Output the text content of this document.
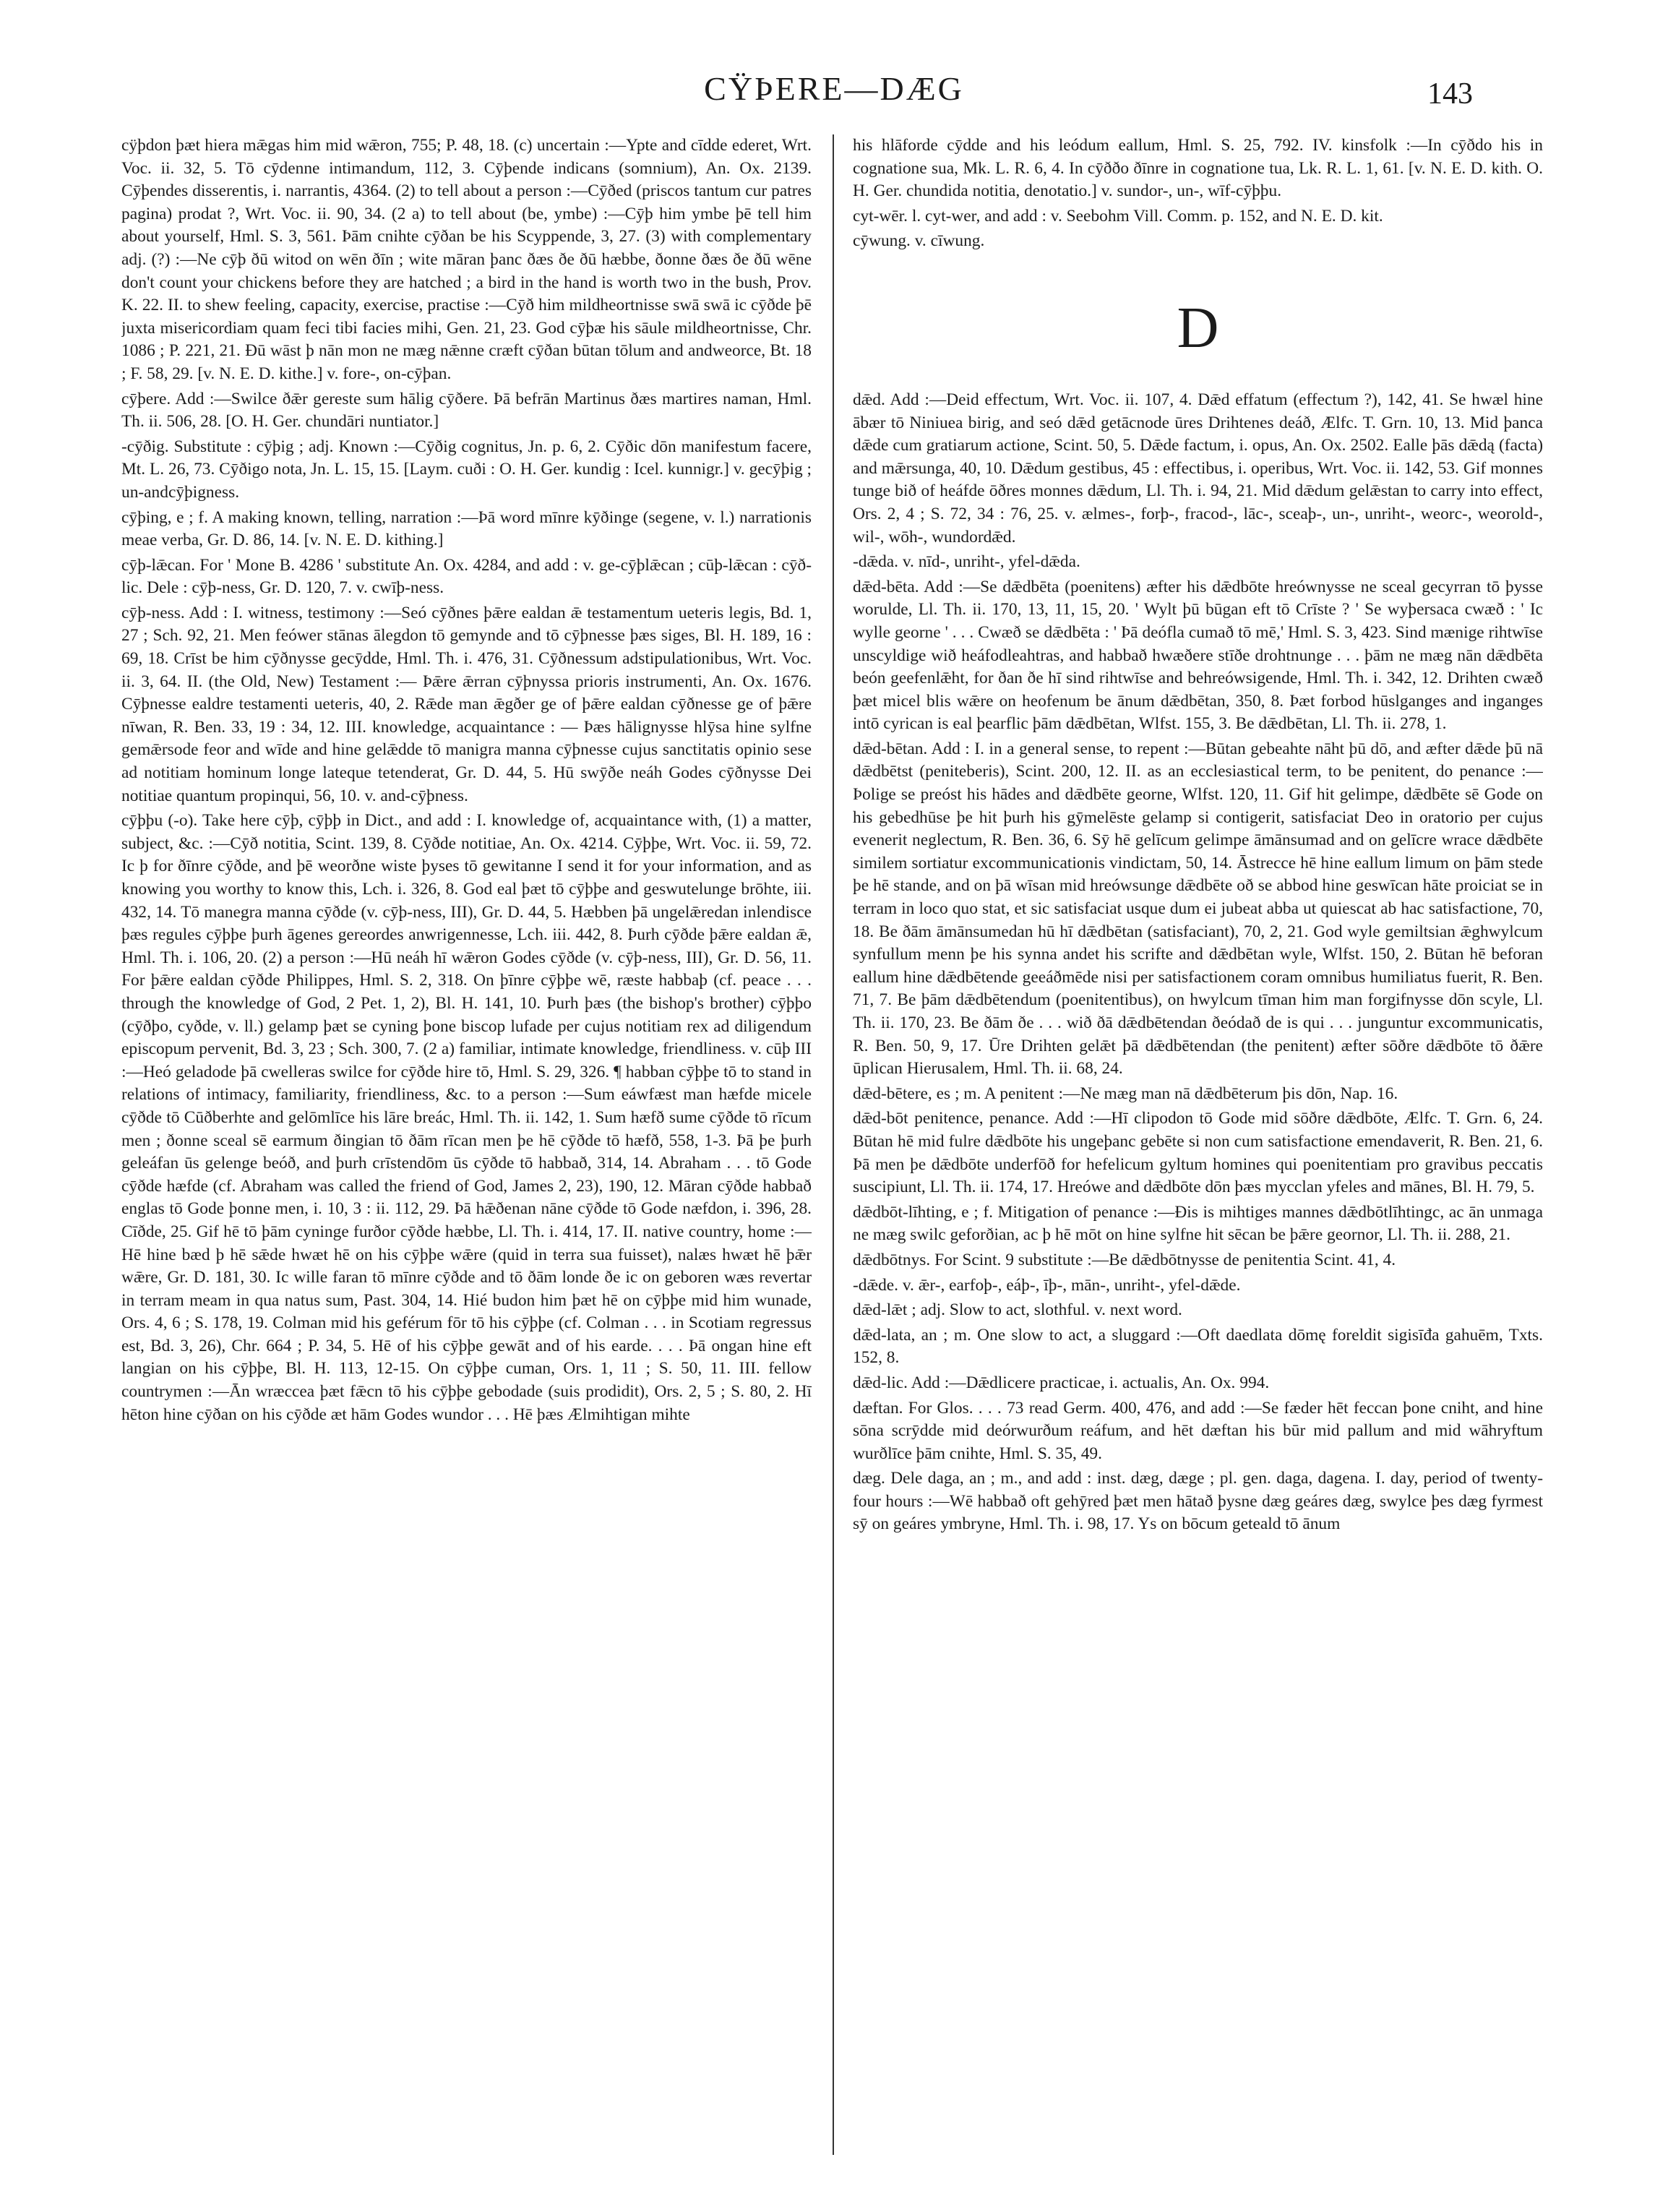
CŸÞERE—DÆG	143
cÿþdon þæt hiera mǣgas him mid wǣron, 755; P. 48, 18. (c) uncertain :—Ypte and cīdde ederet, Wrt. Voc. ii. 32, 5. Tō cȳdenne intimandum, 112, 3. Cȳþende indicans (somnium), An. Ox. 2139. Cȳþendes disserentis, i. narrantis, 4364. (2) to tell about a person :—Cȳðed (priscos tantum cur patres pagina) prodat ?, Wrt. Voc. ii. 90, 34. (2 a) to tell about (be, ymbe) :—Cȳþ him ymbe þē tell him about yourself, Hml. S. 3, 561. Þām cnihte cȳðan be his Scyppende, 3, 27. (3) with complementary adj. (?) :—Ne cȳþ ðū witod on wēn ðīn ; wite māran þanc ðæs ðe ðū hæbbe, ðonne ðæs ðe ðū wēne don't count your chickens before they are hatched ; a bird in the hand is worth two in the bush, Prov. K. 22. II. to shew feeling, capacity, exercise, practise :—Cȳð him mildheortnisse swā swā ic cȳðde þē juxta misericordiam quam feci tibi facies mihi, Gen. 21, 23. God cȳþæ his sāule mildheortnisse, Chr. 1086 ; P. 221, 21. Ðū wāst þ nān mon ne mæg nǣnne cræft cȳðan būtan tōlum and andweorce, Bt. 18 ; F. 58, 29. [v. N. E. D. kithe.] v. fore-, on-cȳþan.
cȳþere. Add :—Swilce ðǣr gereste sum hālig cȳðere. Þā befrān Martinus ðæs martires naman, Hml. Th. ii. 506, 28. [O. H. Ger. chundāri nuntiator.]
-cȳðig. Substitute : cȳþig ; adj. Known :—Cȳðig cognitus, Jn. p. 6, 2. Cȳðic dōn manifestum facere, Mt. L. 26, 73. Cȳðigo nota, Jn. L. 15, 15. [Laym. cuði : O. H. Ger. kundig : Icel. kunnigr.] v. gecȳþig ; un-andcȳþigness.
cȳþing, e ; f. A making known, telling, narration :—Þā word mīnre kȳðinge (segene, v. l.) narrationis meae verba, Gr. D. 86, 14. [v. N. E. D. kithing.]
cȳþ-lǣcan. For ' Mone B. 4286 ' substitute An. Ox. 4284, and add : v. ge-cȳþlǣcan ; cūþ-lǣcan : cȳð-lic. Dele : cȳþ-ness, Gr. D. 120, 7. v. cwīþ-ness.
cȳþ-ness. Add : I. witness, testimony :—Seó cȳðnes þǣre ealdan ǣ testamentum ueteris legis, Bd. 1, 27 ; Sch. 92, 21. Men feówer stānas ālegdon tō gemynde and tō cȳþnesse þæs siges, Bl. H. 189, 16 : 69, 18. Crīst be him cȳðnysse gecȳdde, Hml. Th. i. 476, 31. Cȳðnessum adstipulationibus, Wrt. Voc. ii. 3, 64. II. (the Old, New) Testament :— Þǣre ǣrran cȳþnyssa prioris instrumenti, An. Ox. 1676. Cȳþnesse ealdre testamenti ueteris, 40, 2. Rǣde man ǣgðer ge of þǣre ealdan cȳðnesse ge of þǣre nīwan, R. Ben. 33, 19 : 34, 12. III. knowledge, acquaintance : — Þæs hālignysse hlȳsa hine sylfne gemǣrsode feor and wīde and hine gelǣdde tō manigra manna cȳþnesse cujus sanctitatis opinio sese ad notitiam hominum longe lateque tetenderat, Gr. D. 44, 5. Hū swȳðe neáh Godes cȳðnysse Dei notitiae quantum propinqui, 56, 10. v. and-cȳþness.
cȳþþu (-o). Take here cȳþ, cȳþþ in Dict., and add : I. knowledge of, acquaintance with, (1) a matter, subject, &c. :—Cȳð notitia, Scint. 139, 8. Cȳðde notitiae, An. Ox. 4214. Cȳþþe, Wrt. Voc. ii. 59, 72. Ic þ for ðīnre cȳðde, and þē weorðne wiste þyses tō gewitanne I send it for your information, and as knowing you worthy to know this, Lch. i. 326, 8. God eal þæt tō cȳþþe and geswutelunge brōhte, iii. 432, 14. Tō manegra manna cȳðde (v. cȳþ-ness, III), Gr. D. 44, 5. Hæbben þā ungelǣredan inlendisce þæs regules cȳþþe þurh āgenes gereordes anwrigennesse, Lch. iii. 442, 8. Þurh cȳðde þǣre ealdan ǣ, Hml. Th. i. 106, 20. (2) a person :—Hū neáh hī wǣron Godes cȳðde (v. cȳþ-ness, III), Gr. D. 56, 11. For þǣre ealdan cȳðde Philippes, Hml. S. 2, 318. On þīnre cȳþþe wē, ræste habbaþ (cf. peace . . . through the knowledge of God, 2 Pet. 1, 2), Bl. H. 141, 10. Þurh þæs (the bishop's brother) cȳþþo (cȳðþo, cyðde, v. ll.) gelamp þæt se cyning þone biscop lufade per cujus notitiam rex ad diligendum episcopum pervenit, Bd. 3, 23 ; Sch. 300, 7. (2 a) familiar, intimate knowledge, friendliness. v. cūþ III :—Heó geladode þā cwelleras swilce for cȳðde hire tō, Hml. S. 29, 326. ¶ habban cȳþþe tō to stand in relations of intimacy, familiarity, friendliness, &c. to a person :—Sum eáwfæst man hæfde micele cȳðde tō Cūðberhte and gelōmlīce his lāre breác, Hml. Th. ii. 142, 1. Sum hæfð sume cȳðde tō rīcum men ; ðonne sceal sē earmum ðingian tō ðām rīcan men þe hē cȳðde tō hæfð, 558, 1-3. Þā þe þurh geleáfan ūs gelenge beóð, and þurh crīstendōm ūs cȳðde tō habbað, 314, 14. Abraham . . . tō Gode cȳðde hæfde (cf. Abraham was called the friend of God, James 2, 23), 190, 12. Māran cȳðde habbað englas tō Gode þonne men, i. 10, 3 : ii. 112, 29. Þā hǣðenan nāne cȳðde tō Gode næfdon, i. 396, 28. Cīðde, 25. Gif hē tō þām cyninge furðor cȳðde hæbbe, Ll. Th. i. 414, 17. II. native country, home :—Hē hine bæd þ hē sǣde hwæt hē on his cȳþþe wǣre (quid in terra sua fuisset), nalæs hwæt hē þǣr wǣre, Gr. D. 181, 30. Ic wille faran tō mīnre cȳðde and tō ðām londe ðe ic on geboren wæs revertar in terram meam in qua natus sum, Past. 304, 14. Hié budon him þæt hē on cȳþþe mid him wunade, Ors. 4, 6 ; S. 178, 19. Colman mid his geférum fōr tō his cȳþþe (cf. Colman . . . in Scotiam regressus est, Bd. 3, 26), Chr. 664 ; P. 34, 5. Hē of his cȳþþe gewāt and of his earde. . . . Þā ongan hine eft langian on his cȳþþe, Bl. H. 113, 12-15. On cȳþþe cuman, Ors. 1, 11 ; S. 50, 11. III. fellow countrymen :—Ān wræccea þæt fǣcn tō his cȳþþe gebodade (suis prodidit), Ors. 2, 5 ; S. 80, 2. Hī hēton hine cȳðan on his cȳðde æt hām Godes wundor . . . Hē þæs Ælmihtigan mihte
his hlāforde cȳdde and his leódum eallum, Hml. S. 25, 792. IV. kinsfolk :—In cȳðdo his in cognatione sua, Mk. L. R. 6, 4. In cȳððo ðīnre in cognatione tua, Lk. R. L. 1, 61. [v. N. E. D. kith. O. H. Ger. chundida notitia, denotatio.] v. sundor-, un-, wīf-cȳþþu.
cyt-wēr. l. cyt-wer, and add : v. Seebohm Vill. Comm. p. 152, and N. E. D. kit.
cȳwung. v. cīwung.
D
dǣd. Add :—Deid effectum, Wrt. Voc. ii. 107, 4. Dǣd effatum (effectum ?), 142, 41. Se hwæl hine ābær tō Niniuea birig, and seó dǣd getācnode ūres Drihtenes deáð, Ælfc. T. Grn. 10, 13. Mid þanca dǣde cum gratiarum actione, Scint. 50, 5. Dǣde factum, i. opus, An. Ox. 2502. Ealle þās dǣdą (facta) and mǣrsunga, 40, 10. Dǣdum gestibus, 45 : effectibus, i. operibus, Wrt. Voc. ii. 142, 53. Gif monnes tunge bið of heáfde ōðres monnes dǣdum, Ll. Th. i. 94, 21. Mid dǣdum gelǣstan to carry into effect, Ors. 2, 4 ; S. 72, 34 : 76, 25. v. ælmes-, forþ-, fracod-, lāc-, sceaþ-, un-, unriht-, weorc-, weorold-, wil-, wōh-, wundordǣd.
-dǣda. v. nīd-, unriht-, yfel-dǣda.
dǣd-bēta. Add :—Se dǣdbēta (poenitens) æfter his dǣdbōte hreównysse ne sceal gecyrran tō þysse worulde, Ll. Th. ii. 170, 13, 11, 15, 20. ' Wylt þū būgan eft tō Crīste ? ' Se wyþersaca cwæð : ' Ic wylle georne ' . . . Cwæð se dǣdbēta : ' Þā deófla cumað tō mē,' Hml. S. 3, 423. Sind mænige rihtwīse unscyldige wið heáfodleahtras, and habbað hwæðere stīðe drohtnunge . . . þām ne mæg nān dǣdbēta beón geefenlǣht, for ðan ðe hī sind rihtwīse and behreówsigende, Hml. Th. i. 342, 12. Drihten cwæð þæt micel blis wǣre on heofenum be ānum dǣdbētan, 350, 8. Þæt forbod hūslganges and inganges intō cyrican is eal þearflic þām dǣdbētan, Wlfst. 155, 3. Be dǣdbētan, Ll. Th. ii. 278, 1.
dǣd-bētan. Add : I. in a general sense, to repent :—Būtan gebeahte nāht þū dō, and æfter dǣde þū nā dǣdbētst (peniteberis), Scint. 200, 12. II. as an ecclesiastical term, to be penitent, do penance :—Þolige se preóst his hādes and dǣdbēte georne, Wlfst. 120, 11. Gif hit gelimpe, dǣdbēte sē Gode on his gebedhūse þe hit þurh his gȳmelēste gelamp si contigerit, satisfaciat Deo in oratorio per cujus evenerit neglectum, R. Ben. 36, 6. Sȳ hē gelīcum gelimpe āmānsumad and on gelīcre wrace dǣdbēte similem sortiatur excommunicationis vindictam, 50, 14. Āstrecce hē hine eallum limum on þām stede þe hē stande, and on þā wīsan mid hreówsunge dǣdbēte oð se abbod hine geswīcan hāte proiciat se in terram in loco quo stat, et sic satisfaciat usque dum ei jubeat abba ut quiescat ab hac satisfactione, 70, 18. Be ðām āmānsumedan hū hī dǣdbētan (satisfaciant), 70, 2, 21. God wyle gemiltsian ǣghwylcum synfullum menn þe his synna andet his scrifte and dǣdbētan wyle, Wlfst. 150, 2. Būtan hē beforan eallum hine dǣdbētende geeáðmēde nisi per satisfactionem coram omnibus humiliatus fuerit, R. Ben. 71, 7. Be þām dǣdbētendum (poenitentibus), on hwylcum tīman him man forgifnysse dōn scyle, Ll. Th. ii. 170, 23. Be ðām ðe . . . wið ðā dǣdbētendan ðeódað de is qui . . . junguntur excommunicatis, R. Ben. 50, 9, 17. Ūre Drihten gelǣt þā dǣdbētendan (the penitent) æfter sōðre dǣdbōte tō ðǣre ūplican Hierusalem, Hml. Th. ii. 68, 24.
dǣd-bētere, es ; m. A penitent :—Ne mæg man nā dǣdbēterum þis dōn, Nap. 16.
dǣd-bōt penitence, penance. Add :—Hī clipodon tō Gode mid sōðre dǣdbōte, Ælfc. T. Grn. 6, 24. Būtan hē mid fulre dǣdbōte his ungeþanc gebēte si non cum satisfactione emendaverit, R. Ben. 21, 6. Þā men þe dǣdbōte underfōð for hefelicum gyltum homines qui poenitentiam pro gravibus peccatis suscipiunt, Ll. Th. ii. 174, 17. Hreówe and dǣdbōte dōn þæs mycclan yfeles and mānes, Bl. H. 79, 5.
dǣdbōt-līhting, e ; f. Mitigation of penance :—Ðis is mihtiges mannes dǣdbōtlīhtingc, ac ān unmaga ne mæg swilc geforðian, ac þ hē mōt on hine sylfne hit sēcan be þǣre geornor, Ll. Th. ii. 288, 21.
dǣdbōtnys. For Scint. 9 substitute :—Be dǣdbōtnysse de penitentia Scint. 41, 4.
-dǣde. v. ǣr-, earfoþ-, eáþ-, īþ-, mān-, unriht-, yfel-dǣde.
dǣd-lǣt ; adj. Slow to act, slothful. v. next word.
dǣd-lata, an ; m. One slow to act, a sluggard :—Oft daedlata dōmę foreldit sigisīđa gahuēm, Txts. 152, 8.
dǣd-lic. Add :—Dǣdlicere practicae, i. actualis, An. Ox. 994.
dæftan. For Glos. . . . 73 read Germ. 400, 476, and add :—Se fæder hēt feccan þone cniht, and hine sōna scrȳdde mid deórwurðum reáfum, and hēt dæftan his būr mid pallum and mid wāhryftum wurðlīce þām cnihte, Hml. S. 35, 49.
dæg. Dele daga, an ; m., and add : inst. dæg, dæge ; pl. gen. daga, dagena. I. day, period of twenty-four hours :—Wē habbað oft gehȳred þæt men hātað þysne dæg geáres dæg, swylce þes dæg fyrmest sȳ on geáres ymbryne, Hml. Th. i. 98, 17. Ys on bōcum geteald tō ānum
